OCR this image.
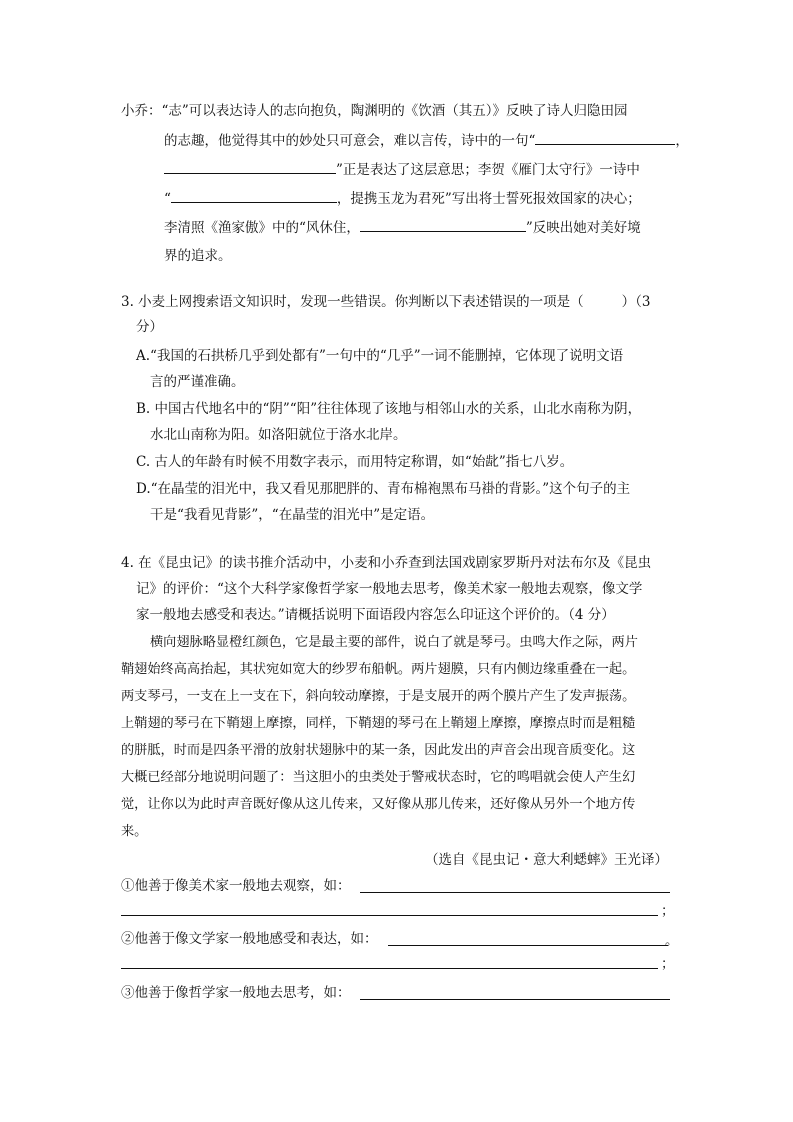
小乔：“志”可以表达诗人的志向抱负，陶渊明的《饮酒（其五）》反映了诗人归隐田园
的志趣，他觉得其中的妙处只可意会，难以言传，诗中的一句“	，
”正是表达了这层意思；李贺《雁门太守行》一诗中
“	，提携玉龙为君死”写出将士誓死报效国家的决心；
李清照《渔家傲》中的“风休住，	”反映出她对美好境
界的追求。
3. 小麦上网搜索语文知识时，发现一些错误。你判断以下表述错误的一项是（	）（3
分）
A.“我国的石拱桥几乎到处都有”一句中的“几乎”一词不能删掉，它体现了说明文语
言的严谨准确。
B. 中国古代地名中的“阴”“阳”往往体现了该地与相邻山水的关系，山北水南称为阴，
水北山南称为阳。如洛阳就位于洛水北岸。
C. 古人的年龄有时候不用数字表示，而用特定称谓，如“始龀”指七八岁。
D.“在晶莹的泪光中，我又看见那肥胖的、青布棉袍黑布马褂的背影。”这个句子的主
干是“我看见背影”，“在晶莹的泪光中”是定语。
4. 在《昆虫记》的读书推介活动中，小麦和小乔查到法国戏剧家罗斯丹对法布尔及《昆虫
记》的评价：“这个大科学家像哲学家一般地去思考，像美术家一般地去观察，像文学
家一般地去感受和表达。”请概括说明下面语段内容怎么印证这个评价的。（4 分）
横向翅脉略显橙红颜色，它是最主要的部件，说白了就是琴弓。虫鸣大作之际，两片
鞘翅始终高高抬起，其状宛如宽大的纱罗布船帆。两片翅膜，只有内侧边缘重叠在一起。
两支琴弓，一支在上一支在下，斜向较动摩擦，于是支展开的两个膜片产生了发声振荡。
上鞘翅的琴弓在下鞘翅上摩擦，同样，下鞘翅的琴弓在上鞘翅上摩擦，摩擦点时而是粗糙
的胼胝，时而是四条平滑的放射状翅脉中的某一条，因此发出的声音会出现音质变化。这
大概已经部分地说明问题了：当这胆小的虫类处于警戒状态时，它的鸣唱就会使人产生幻
觉，让你以为此时声音既好像从这儿传来，又好像从那儿传来，还好像从另外一个地方传
来。
（选自《昆虫记・意大利蟋蟀》王光译）
①他善于像美术家一般地去观察，如：
；
②他善于像文学家一般地感受和表达，如：	。
；
③他善于像哲学家一般地去思考，如：
